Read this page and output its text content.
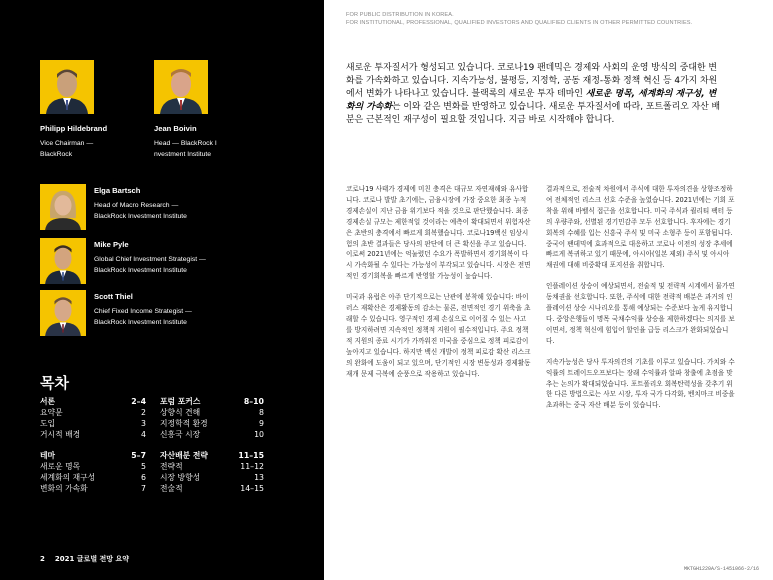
Philipp Hildebrand
Vice Chairman —
BlackRock
Jean Boivin
Head — BlackRock I
nvestment Institute
Elga Bartsch
Head of Macro Research —
BlackRock Investment Institute
Mike Pyle
Global Chief Investment Strategist —
BlackRock Investment Institute
Scott Thiel
Chief Fixed Income Strategist —
BlackRock Investment Institute
목차
서론	2–4
요약문	2
도입	3
거시적 배경	4
테마	5–7
새로운 명목	5
세계화의 재구성	6
변화의 가속화	7
포럼 포커스	8–10
상향식 견해	8
지정학적 환경	9
신흥국 시장	10
자산배분 전략	11–15
전략적	11–12
시장 방향성	13
전술적	14–15
2 2021 글로벌 전망 요약
FOR PUBLIC DISTRIBUTION IN KOREA.
FOR INSTITUTIONAL, PROFESSIONAL, QUALIFIED INVESTORS AND QUALIFIED CLIENTS IN OTHER PERMITTED COUNTRIES.
새로운 투자질서가 형성되고 있습니다. 코로나19 팬데믹은 경제와 사회의 운영 방식의 중대한 변화를 가속화하고 있습니다. 지속가능성, 불평등, 지정학, 공동 재정-통화 정책 혁신 등 4가지 차원에서 변화가 나타나고 있습니다. 블랙록의 새로운 투자 테마인 새로운 명목, 세계화의 재구성, 변화의 가속화는 이와 같은 변화를 반영하고 있습니다. 새로운 투자질서에 따라, 포트폴리오 자산 배분은 근본적인 재구성이 필요할 것입니다. 지금 바로 시작해야 합니다.

코로나19 사태가 경제에 미친 충격은 대규모 자연재해와 유사합니다. 코로나 발발 초기에는, 금융시장에 가장 중요한 최종 누적 경제손실이 지난 금융 위기보다 적을 것으로 판단했습니다. 최종 경제손실 규모는 제한적일 것이라는 예측이 확대되면서 위험자산은 초반의 충격에서 빠르게 회복했습니다. 코로나19백신 임상시험의 초반 결과들은 당사의 판단에 더 큰 확신을 주고 있습니다. 이로써 2021년에는 억눌렸던 수요가 폭발하면서 경기회복이 다시 가속화될 수 있다는 가능성이 부각되고 있습니다. 시장은 전면적인 경기회복을 빠르게 반영할 가능성이 높습니다.

미국과 유럽은 아주 단기적으로는 난관에 봉착해 있습니다: 바이러스 재확산은 경제활동의 감소는 물론, 전면적인 경기 위축을 초래할 수 있습니다. 영구적인 경제 손실으로 이어질 수 있는 사고를 방지하려면 지속적인 정책적 지원이 필수적입니다. 주요 정책적 지원의 종료 시기가 가까워진 미국을 중심으로 정책 피로감이 높아지고 있습니다. 하지만 백신 개발이 정책 피로감 확산 리스크의 완화에 도움이 되고 있으며, 단기적인 시장 변동성과 경제활동 재개 문제 극복에 순풍으로 작용하고 있습니다.

결과적으로, 전술적 차원에서 주식에 대한 투자의견을 상향조정하여 전체적인 리스크 선호 수준을 높였습니다. 2021년에는 기회 포착을 위해 바벨식 접근을 선호합니다. 미국 주식과 퀄리티 팩터 등의 우량주와, 선별된 경기민감주 모두 선호합니다. 후자에는 경기 회복의 수혜를 입는 신흥국 주식 및 미국 소형주 등이 포함됩니다. 중국이 팬데믹에 효과적으로 대응하고 코로나 이전의 성장 추세에 빠르게 복귀하고 있기 때문에, 아시아(일본 제외) 주식 및 아시아 채권에 대해 비중확대 포지션을 취합니다.

인플레이션 상승이 예상되면서, 전술적 및 전략적 시계에서 물가연동채권을 선호합니다. 또한, 주식에 대한 전략적 배분은 과거의 인플레이션 상승 시나리오를 통해 예상되는 수준보다 높게 유지합니다. 중앙은행들이 명목 국채수익률 상승을 제한하겠다는 의지를 보이면서, 정책 혁신에 힘입어 할인율 급등 리스크가 완화되었습니다.

지속가능성은 당사 투자의견의 기초를 이루고 있습니다. 가치와 수익률의 트레이드오프보다는 장래 수익률과 알파 창출에 초점을 맞추는 논의가 확대되었습니다. 포트폴리오 회복탄력성을 갖추기 위한 다른 방법으로는 사모 시장, 투자 국가 다각화, 벤치마크 비중을 초과하는 중국 자산 배분 등이 있습니다.

MKTGH1220A/S-1451066-2/16
